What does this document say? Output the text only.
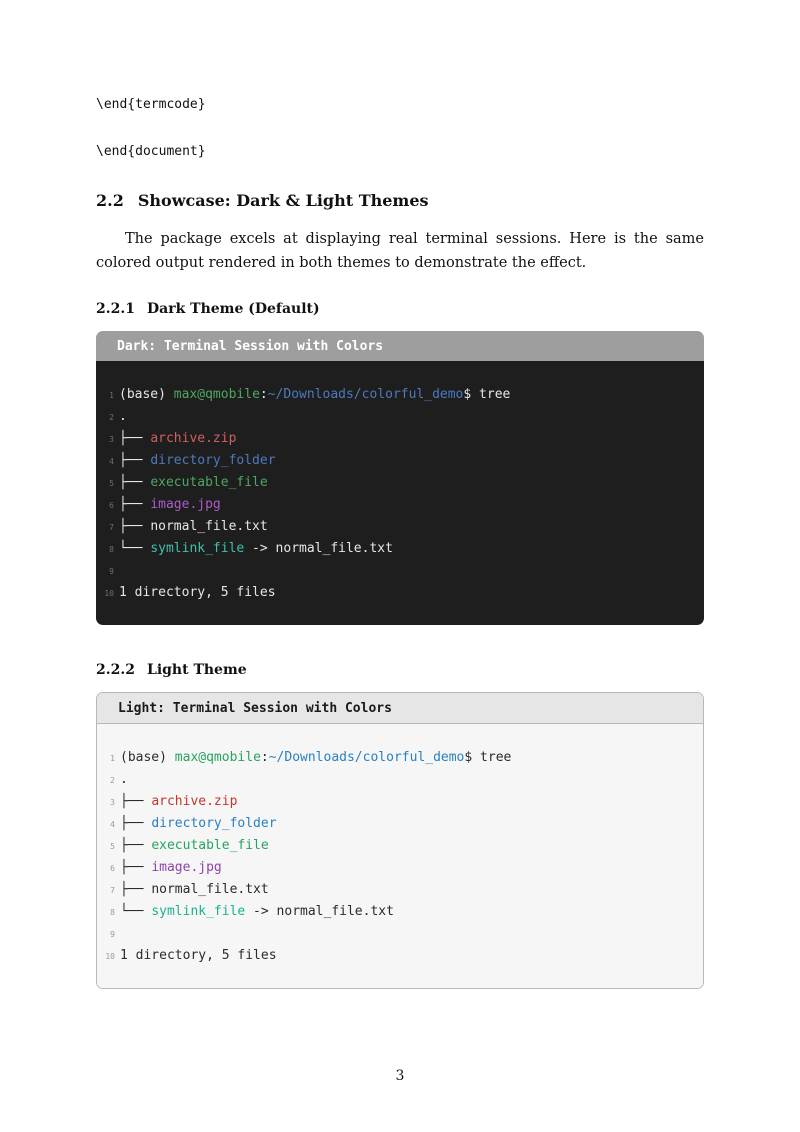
\end{termcode}
\end{document}
2.2 Showcase: Dark & Light Themes

The package excels at displaying real terminal sessions. Here is the same colored output rendered in both themes to demonstrate the effect.

2.2.1 Dark Theme (Default)
Dark: Terminal Session with Colors
1 (base) max@qmobile:~/Downloads/colorful_demo$ tree
2 .
3 ├── archive.zip
4 ├── directory_folder
5 ├── executable_file
6 ├── image.jpg
7 ├── normal_file.txt
8 └── symlink_file -> normal_file.txt
9
10 1 directory, 5 files
2.2.2 Light Theme
Light: Terminal Session with Colors
1 (base) max@qmobile:~/Downloads/colorful_demo$ tree
2 .
3 ├── archive.zip
4 ├── directory_folder
5 ├── executable_file
6 ├── image.jpg
7 ├── normal_file.txt
8 └── symlink_file -> normal_file.txt
9
10 1 directory, 5 files
3
